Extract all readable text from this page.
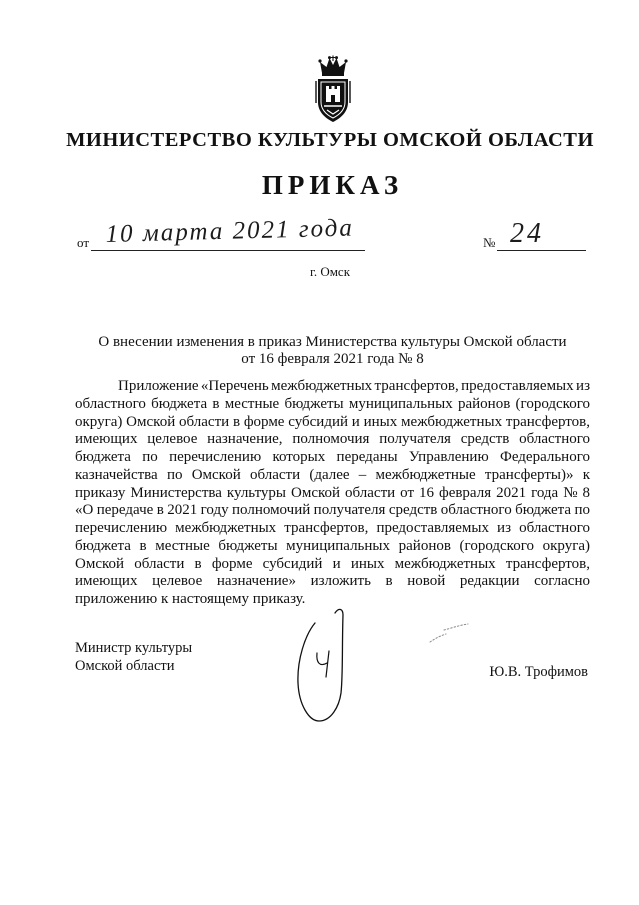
МИНИСТЕРСТВО КУЛЬТУРЫ ОМСКОЙ ОБЛАСТИ
ПРИКАЗ
от 10 марта 2021 года	№ 24
г. Омск
О внесении изменения в приказ Министерства культуры Омской области
от 16 февраля 2021 года № 8
Приложение «Перечень межбюджетных трансфертов, предоставляемых из
областного бюджета в местные бюджеты муниципальных районов (городского
округа) Омской области в форме субсидий и иных межбюджетных трансфертов,
имеющих целевое назначение, полномочия получателя средств областного
бюджета по перечислению которых переданы Управлению Федерального
казначейства по Омской области (далее – межбюджетные трансферты)» к
приказу Министерства культуры Омской области от 16 февраля 2021 года № 8
«О передаче в 2021 году полномочий получателя средств областного бюджета по
перечислению межбюджетных трансфертов, предоставляемых из областного
бюджета в местные бюджеты муниципальных районов (городского округа)
Омской области в форме субсидий и иных межбюджетных трансфертов,
имеющих целевое назначение» изложить в новой редакции согласно
приложению к настоящему приказу.
Министр культуры
Омской области	Ю.В. Трофимов
